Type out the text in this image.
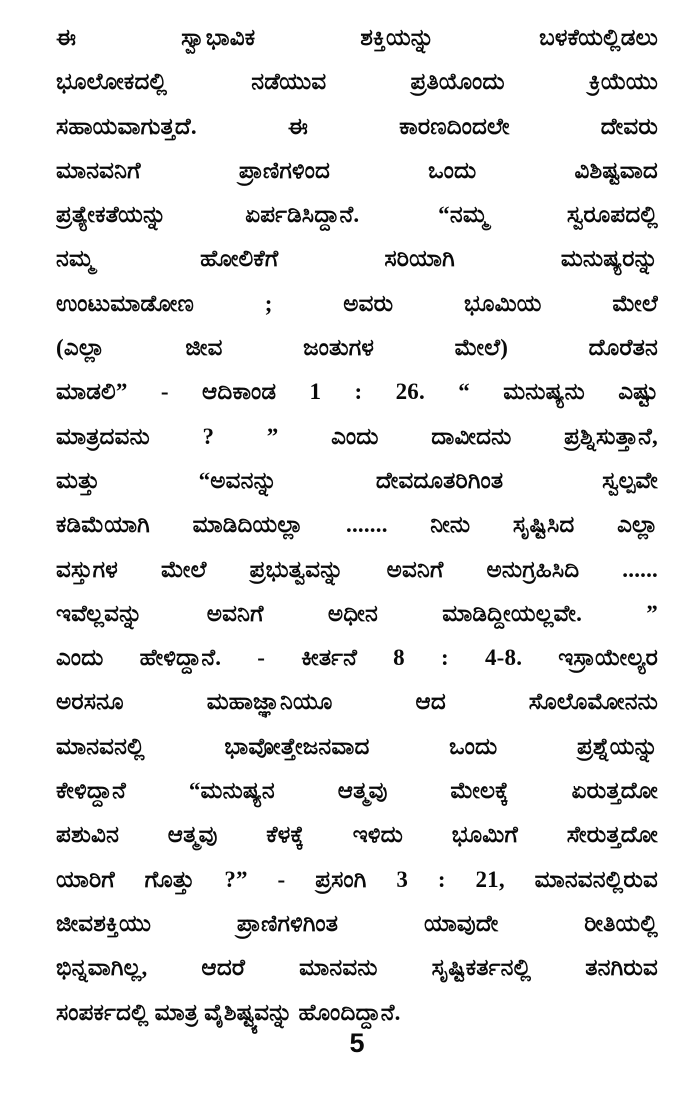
ಈ ಸ್ವಾಭಾವಿಕ ಶಕ್ತಿಯನ್ನು ಬಳಕೆಯಲ್ಲಿಡಲು
ಭೂಲೋಕದಲ್ಲಿ ನಡೆಯುವ ಪ್ರತಿಯೊಂದು ಕ್ರಿಯೆಯು
ಸಹಾಯವಾಗುತ್ತದೆ. ಈ ಕಾರಣದಿಂದಲೇ ದೇವರು
ಮಾನವನಿಗೆ ಪ್ರಾಣಿಗಳಿಂದ ಒಂದು ವಿಶಿಷ್ಟವಾದ
ಪ್ರತ್ಯೇಕತೆಯನ್ನು ಏರ್ಪಡಿಸಿದ್ದಾನೆ. “ನಮ್ಮ ಸ್ವರೂಪದಲ್ಲಿ
ನಮ್ಮ ಹೋಲಿಕೆಗೆ ಸರಿಯಾಗಿ ಮನುಷ್ಯರನ್ನು
ಉಂಟುಮಾಡೋಣ ; ಅವರು ಭೂಮಿಯ ಮೇಲೆ
(ಎಲ್ಲಾ ಜೀವ ಜಂತುಗಳ ಮೇಲೆ) ದೊರೆತನ
ಮಾಡಲಿ” - ಆದಿಕಾಂಡ 1 : 26. “ ಮನುಷ್ಯನು ಎಷ್ಟು
ಮಾತ್ರದವನು ? ” ಎಂದು ದಾವೀದನು ಪ್ರಶ್ನಿಸುತ್ತಾನೆ,
ಮತ್ತು “ಅವನನ್ನು ದೇವದೂತರಿಗಿಂತ ಸ್ವಲ್ಪವೇ
ಕಡಿಮೆಯಾಗಿ ಮಾಡಿದಿಯಲ್ಲಾ ....... ನೀನು ಸೃಷ್ಟಿಸಿದ ಎಲ್ಲಾ
ವಸ್ತುಗಳ ಮೇಲೆ ಪ್ರಭುತ್ವವನ್ನು ಅವನಿಗೆ ಅನುಗ್ರಹಿಸಿದಿ ......
ಇವೆಲ್ಲವನ್ನು ಅವನಿಗೆ ಅಧೀನ ಮಾಡಿದ್ದೀಯಲ್ಲವೇ. ”
ಎಂದು ಹೇಳಿದ್ದಾನೆ. - ಕೀರ್ತನೆ 8 : 4-8. ಇಸ್ರಾಯೇಲ್ಯರ
ಅರಸನೂ ಮಹಾಜ್ಞಾನಿಯೂ ಆದ ಸೊಲೊಮೋನನು
ಮಾನವನಲ್ಲಿ ಭಾವೋತ್ತೇಜನವಾದ ಒಂದು ಪ್ರಶ್ನೆಯನ್ನು
ಕೇಳಿದ್ದಾನೆ “ಮನುಷ್ಯನ ಆತ್ಮವು ಮೇಲಕ್ಕೆ ಏರುತ್ತದೋ
ಪಶುವಿನ ಆತ್ಮವು ಕೆಳಕ್ಕೆ ಇಳಿದು ಭೂಮಿಗೆ ಸೇರುತ್ತದೋ
ಯಾರಿಗೆ ಗೊತ್ತು ?” - ಪ್ರಸಂಗಿ 3 : 21, ಮಾನವನಲ್ಲಿರುವ
ಜೀವಶಕ್ತಿಯು ಪ್ರಾಣಿಗಳಿಗಿಂತ ಯಾವುದೇ ರೀತಿಯಲ್ಲಿ
ಭಿನ್ನವಾಗಿಲ್ಲ, ಆದರೆ ಮಾನವನು ಸೃಷ್ಟಿಕರ್ತನಲ್ಲಿ ತನಗಿರುವ
ಸಂಪರ್ಕದಲ್ಲಿ ಮಾತ್ರ ವೈಶಿಷ್ಟ್ಯವನ್ನು ಹೊಂದಿದ್ದಾನೆ.
5
